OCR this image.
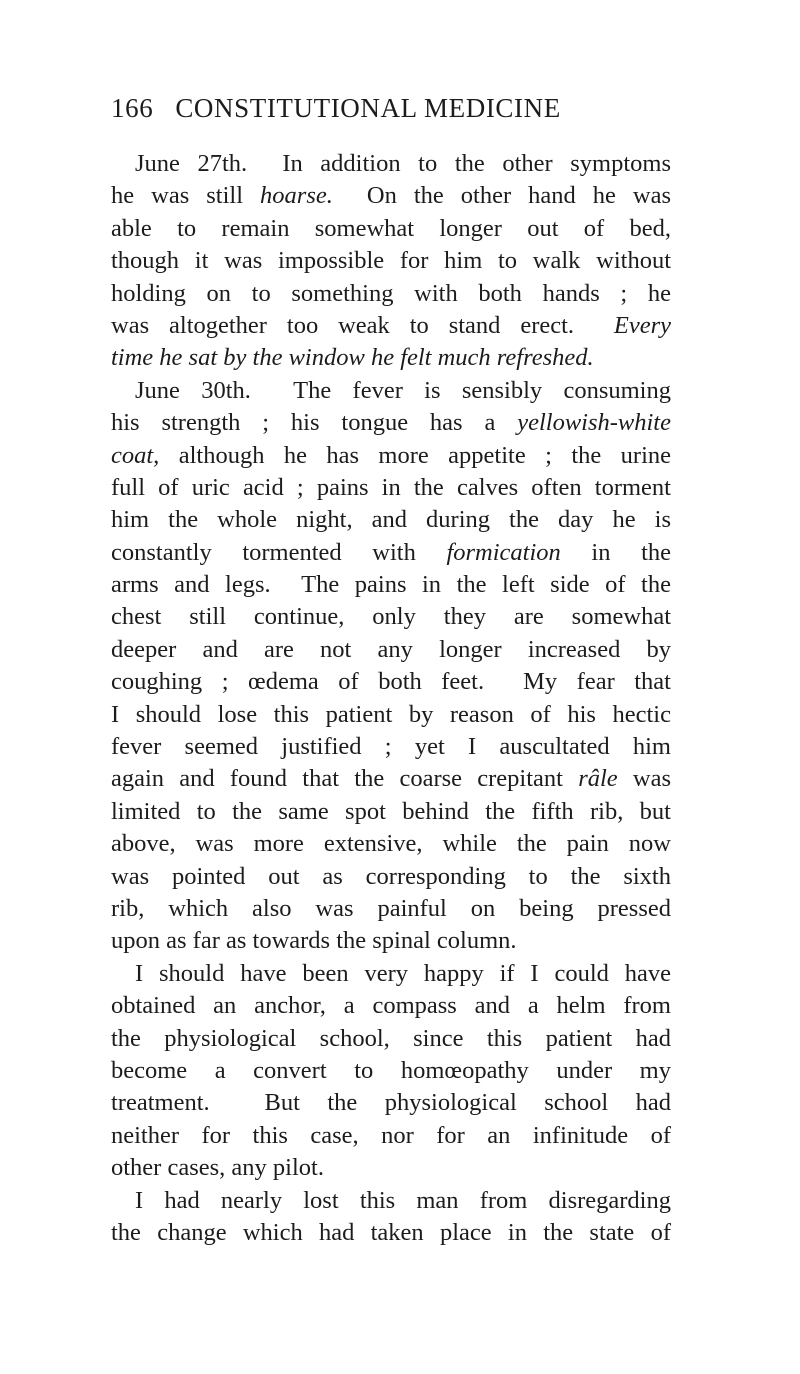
166 CONSTITUTIONAL MEDICINE
June 27th.  In addition to the other symptoms
he was still hoarse.  On the other hand he was
able to remain somewhat longer out of bed,
though it was impossible for him to walk without
holding on to something with both hands ; he
was altogether too weak to stand erect.  Every
time he sat by the window he felt much refreshed.
June 30th.  The fever is sensibly consuming
his strength ; his tongue has a yellowish-white
coat, although he has more appetite ; the urine
full of uric acid ; pains in the calves often torment
him the whole night, and during the day he is
constantly tormented with formication in the
arms and legs.  The pains in the left side of the
chest still continue, only they are somewhat
deeper and are not any longer increased by
coughing ; œdema of both feet.  My fear that
I should lose this patient by reason of his hectic
fever seemed justified ; yet I auscultated him
again and found that the coarse crepitant râle was
limited to the same spot behind the fifth rib, but
above, was more extensive, while the pain now
was pointed out as corresponding to the sixth
rib, which also was painful on being pressed
upon as far as towards the spinal column.
I should have been very happy if I could have
obtained an anchor, a compass and a helm from
the physiological school, since this patient had
become a convert to homœopathy under my
treatment.  But the physiological school had
neither for this case, nor for an infinitude of
other cases, any pilot.
I had nearly lost this man from disregarding
the change which had taken place in the state of
